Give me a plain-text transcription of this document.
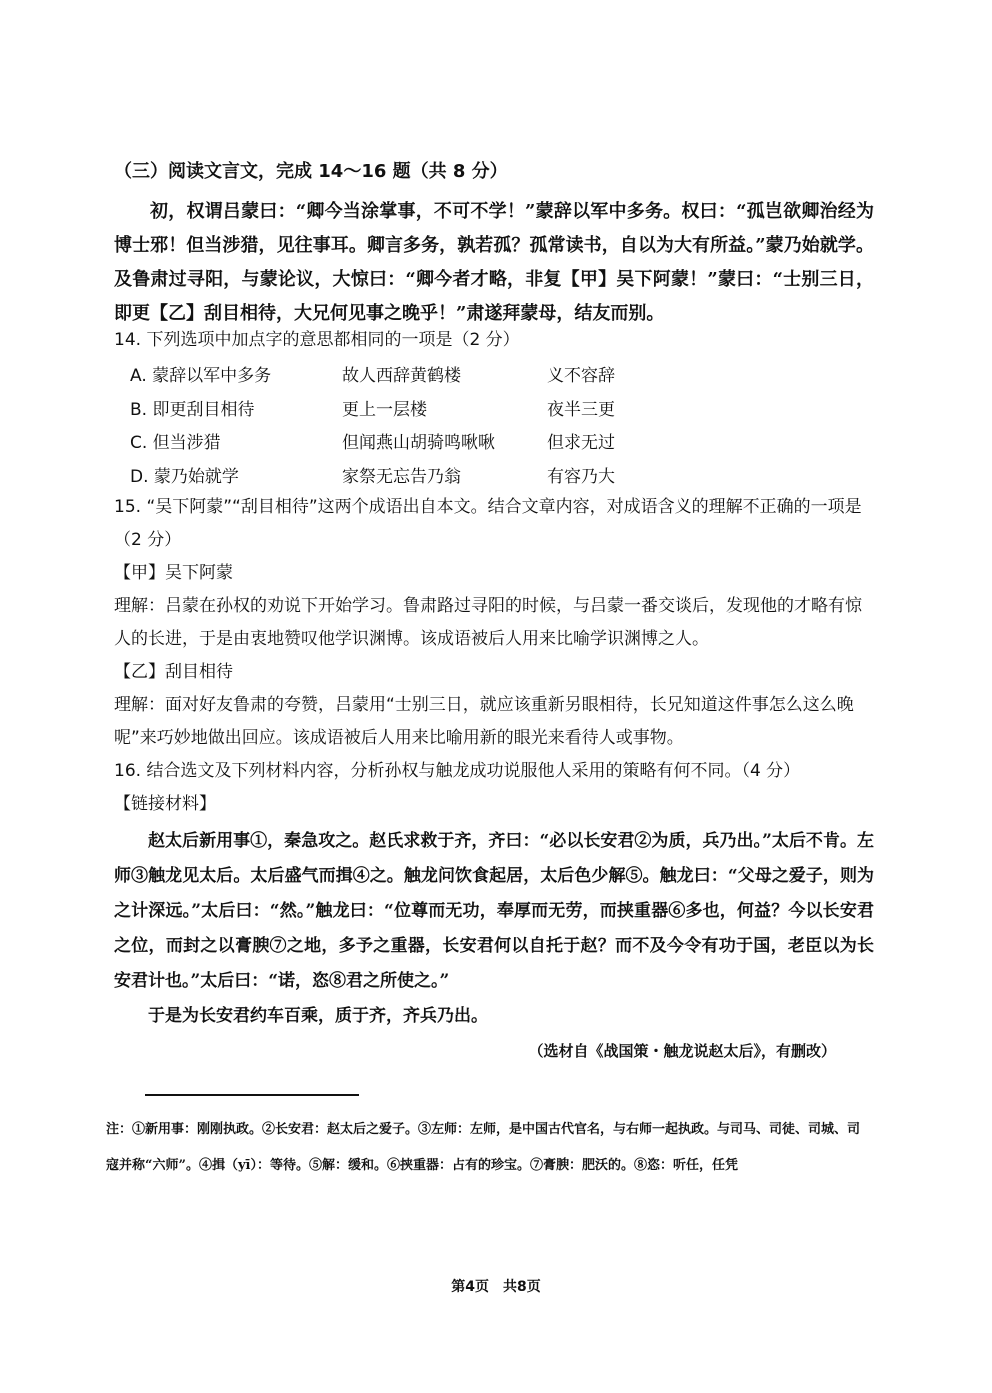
（三）阅读文言文，完成 14～16 题（共 8 分）

初，权谓吕蒙曰：“卿今当涂掌事，不可不学！”蒙辞以军中多务。权曰：“孤岂欲卿治经为博士邪！但当涉猎，见往事耳。卿言多务，孰若孤？孤常读书，自以为大有所益。”蒙乃始就学。及鲁肃过寻阳，与蒙论议，大惊曰：“卿今者才略，非复【甲】吴下阿蒙！”蒙曰：“士别三日，即更【乙】刮目相待，大兄何见事之晚乎！”肃遂拜蒙母，结友而别。

14. 下列选项中加点字的意思都相同的一项是（2 分）
A. 蒙辞以军中多务	故人西辞黄鹤楼	义不容辞
B. 即更刮目相待	更上一层楼	夜半三更
C. 但当涉猎	但闻燕山胡骑鸣啾啾	但求无过
D. 蒙乃始就学	家祭无忘告乃翁	有容乃大

15. “吴下阿蒙”“刮目相待”这两个成语出自本文。结合文章内容，对成语含义的理解不正确的一项是 （2 分）

【甲】吴下阿蒙

理解：吕蒙在孙权的劝说下开始学习。鲁肃路过寻阳的时候，与吕蒙一番交谈后，发现他的才略有惊人的长进，于是由衷地赞叹他学识渊博。该成语被后人用来比喻学识渊博之人。

【乙】刮目相待

理解：面对好友鲁肃的夸赞，吕蒙用“士别三日，就应该重新另眼相待，长兄知道这件事怎么这么晚呢”来巧妙地做出回应。该成语被后人用来比喻用新的眼光来看待人或事物。

16. 结合选文及下列材料内容，分析孙权与触龙成功说服他人采用的策略有何不同。（4 分）

【链接材料】

赵太后新用事①，秦急攻之。赵氏求救于齐，齐曰：“必以长安君②为质，兵乃出。”太后不肯。左师③触龙见太后。太后盛气而揖④之。触龙问饮食起居，太后色少解⑤。触龙曰：“父母之爱子，则为之计深远。”太后曰：“然。”触龙曰：“位尊而无功，奉厚而无劳，而挟重器⑥多也，何益？今以长安君之位，而封之以膏腴⑦之地，多予之重器，长安君何以自托于赵？而不及今令有功于国，老臣以为长安君计也。”太后曰：“诺，恣⑧君之所使之。”

于是为长安君约车百乘，质于齐，齐兵乃出。

（选材自《战国策・触龙说赵太后》，有删改）
注：①新用事：刚刚执政。②长安君：赵太后之爱子。③左师：左师，是中国古代官名，与右师一起执政。与司马、司徒、司城、司寇并称“六师”。④揖（yī）：等待。⑤解：缓和。⑥挟重器：占有的珍宝。⑦膏腴：肥沃的。⑧恣：听任，任凭
第4页　共8页
